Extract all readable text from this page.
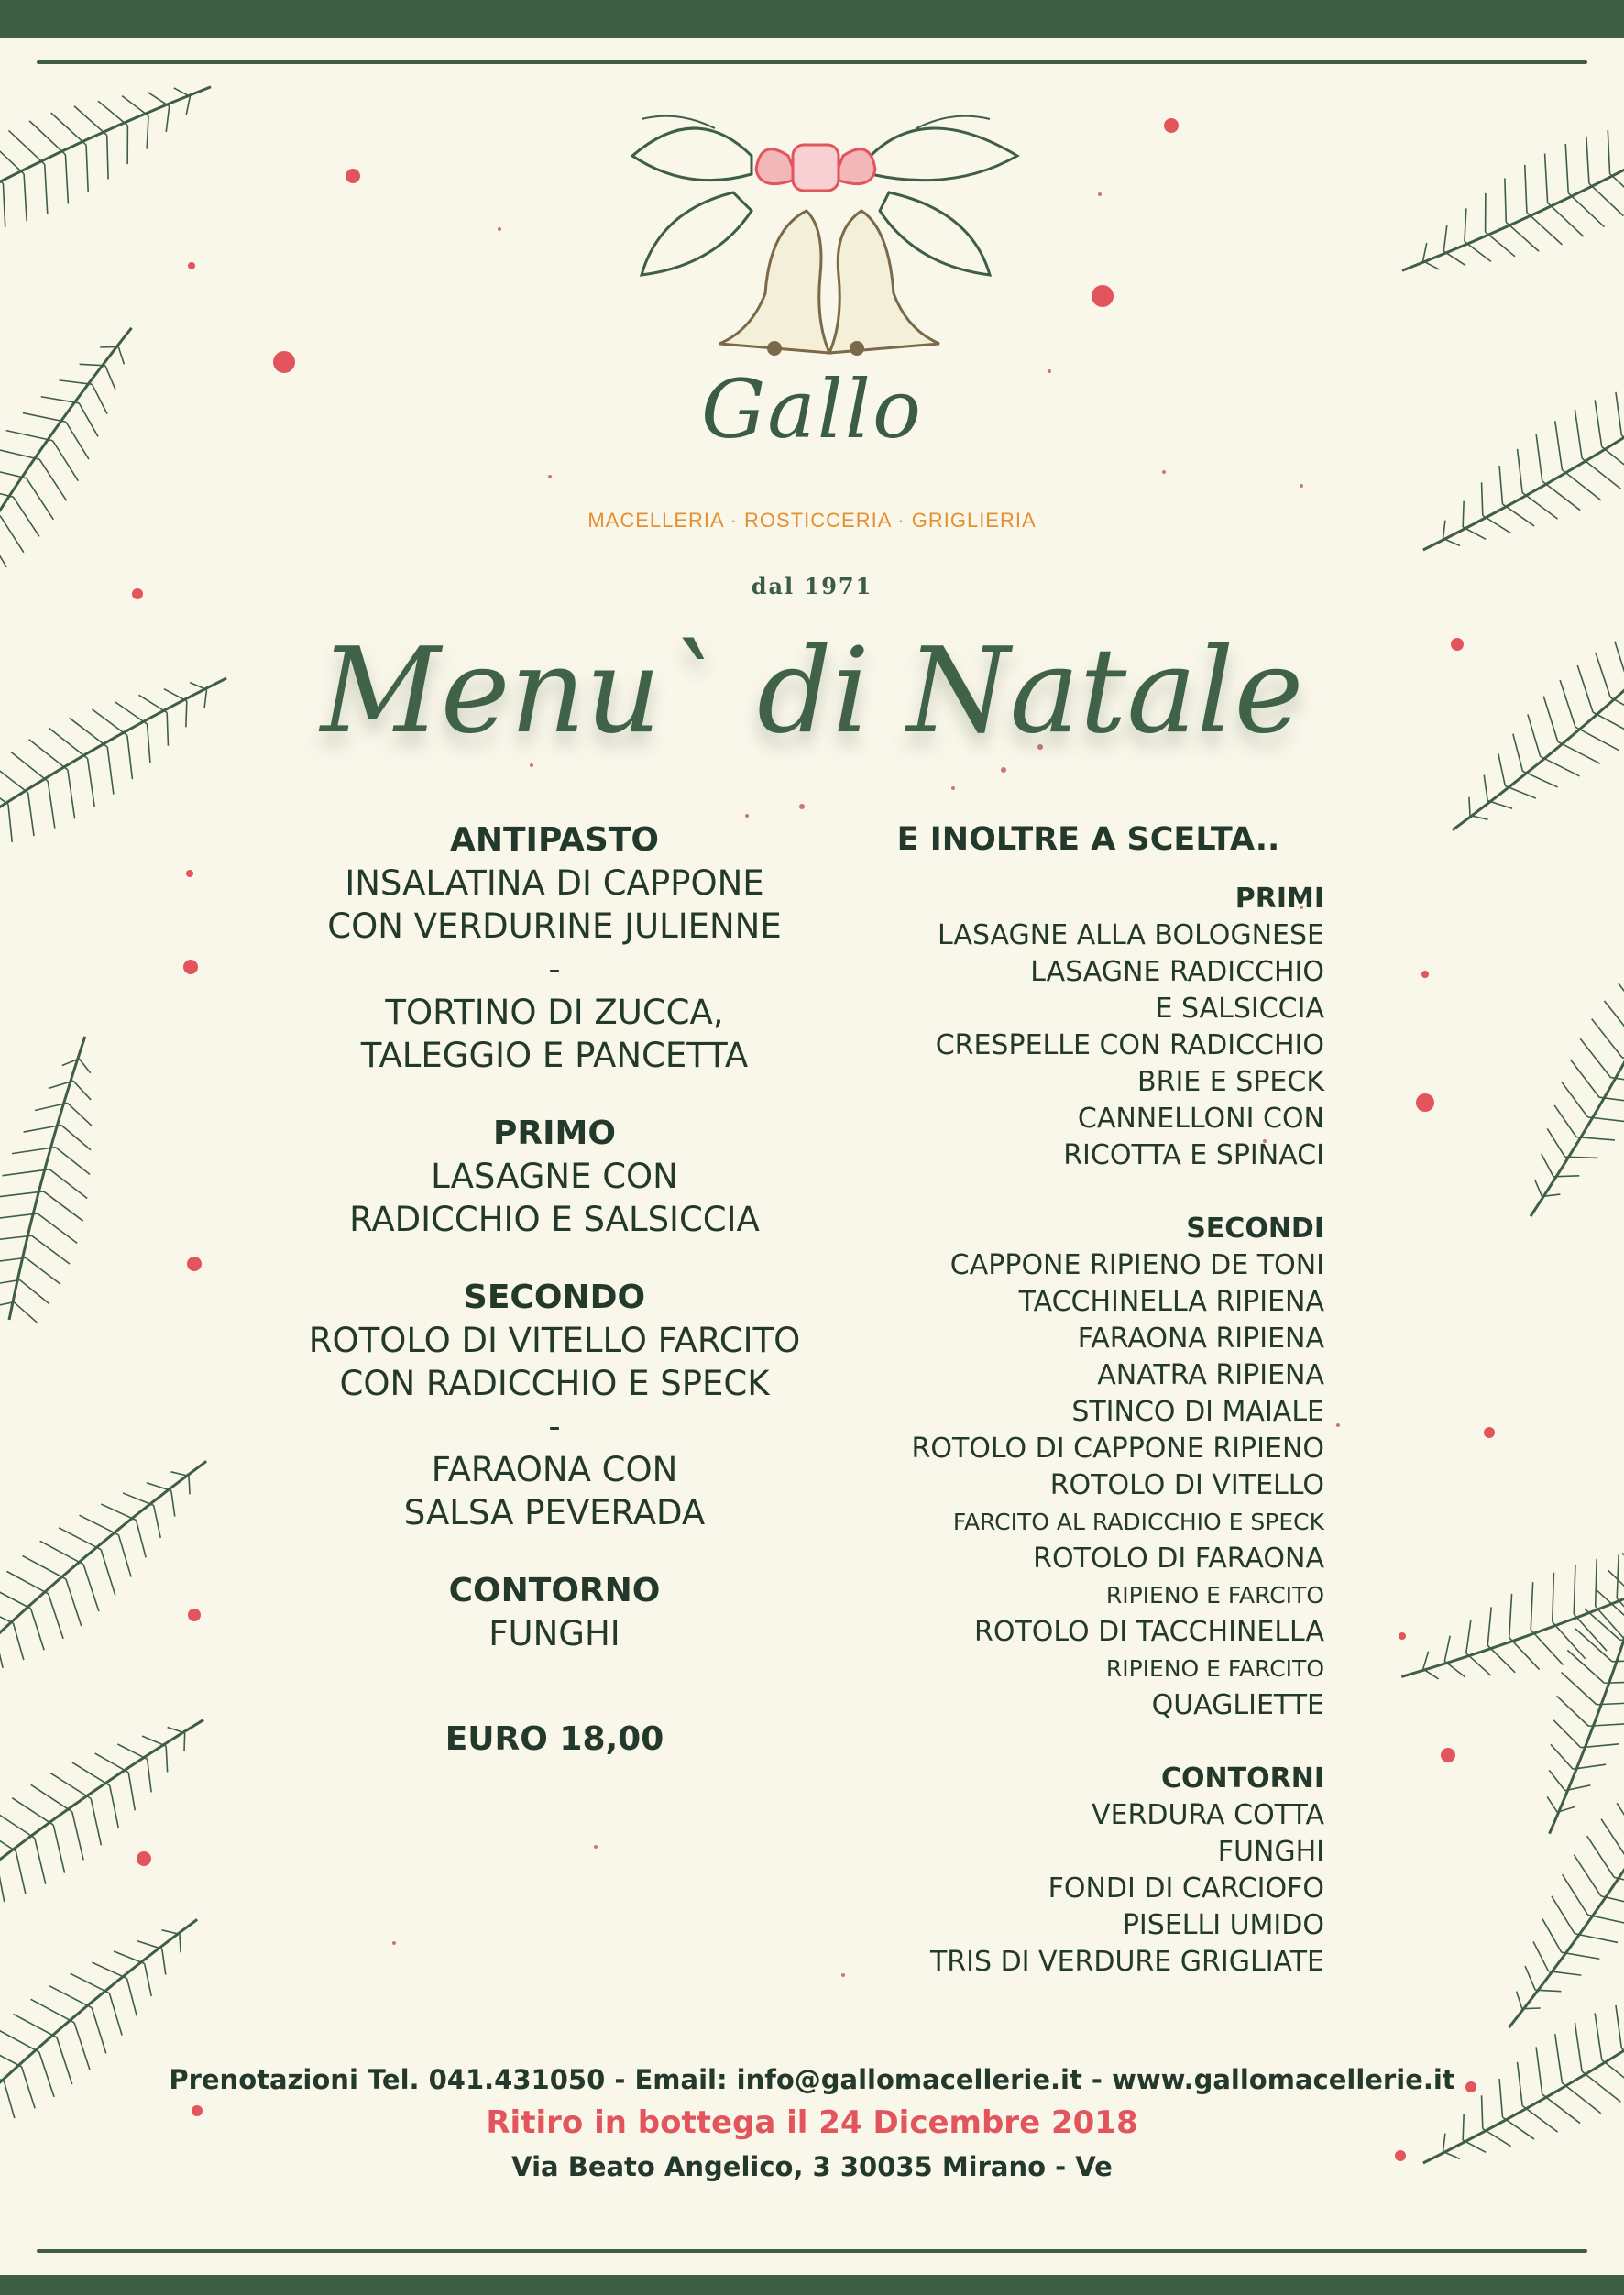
Gallo
MACELLERIA · ROSTICCERIA · GRIGLIERIA
dal 1971
Menu` di Natale
ANTIPASTO
INSALATINA DI CAPPONE
CON VERDURINE JULIENNE
-
TORTINO DI ZUCCA,
TALEGGIO E PANCETTA
PRIMO
LASAGNE CON
RADICCHIO E SALSICCIA
SECONDO
ROTOLO DI VITELLO FARCITO
CON RADICCHIO E SPECK
-
FARAONA CON
SALSA PEVERADA
CONTORNO
FUNGHI
EURO 18,00
E INOLTRE A SCELTA..
PRIMI
LASAGNE ALLA BOLOGNESE
LASAGNE RADICCHIO
E SALSICCIA
CRESPELLE CON RADICCHIO
BRIE E SPECK
CANNELLONI CON
RICOTTA E SPINACI
SECONDI
CAPPONE RIPIENO DE TONI
TACCHINELLA RIPIENA
FARAONA RIPIENA
ANATRA RIPIENA
STINCO DI MAIALE
ROTOLO DI CAPPONE RIPIENO
ROTOLO DI VITELLO
FARCITO AL RADICCHIO E SPECK
ROTOLO DI FARAONA
RIPIENO E FARCITO
ROTOLO DI TACCHINELLA
RIPIENO E FARCITO
QUAGLIETTE
CONTORNI
VERDURA COTTA
FUNGHI
FONDI DI CARCIOFO
PISELLI UMIDO
TRIS DI VERDURE GRIGLIATE
Prenotazioni Tel. 041.431050 - Email: info@gallomacellerie.it - www.gallomacellerie.it
Ritiro in bottega il 24 Dicembre 2018
Via Beato Angelico, 3 30035 Mirano - Ve
